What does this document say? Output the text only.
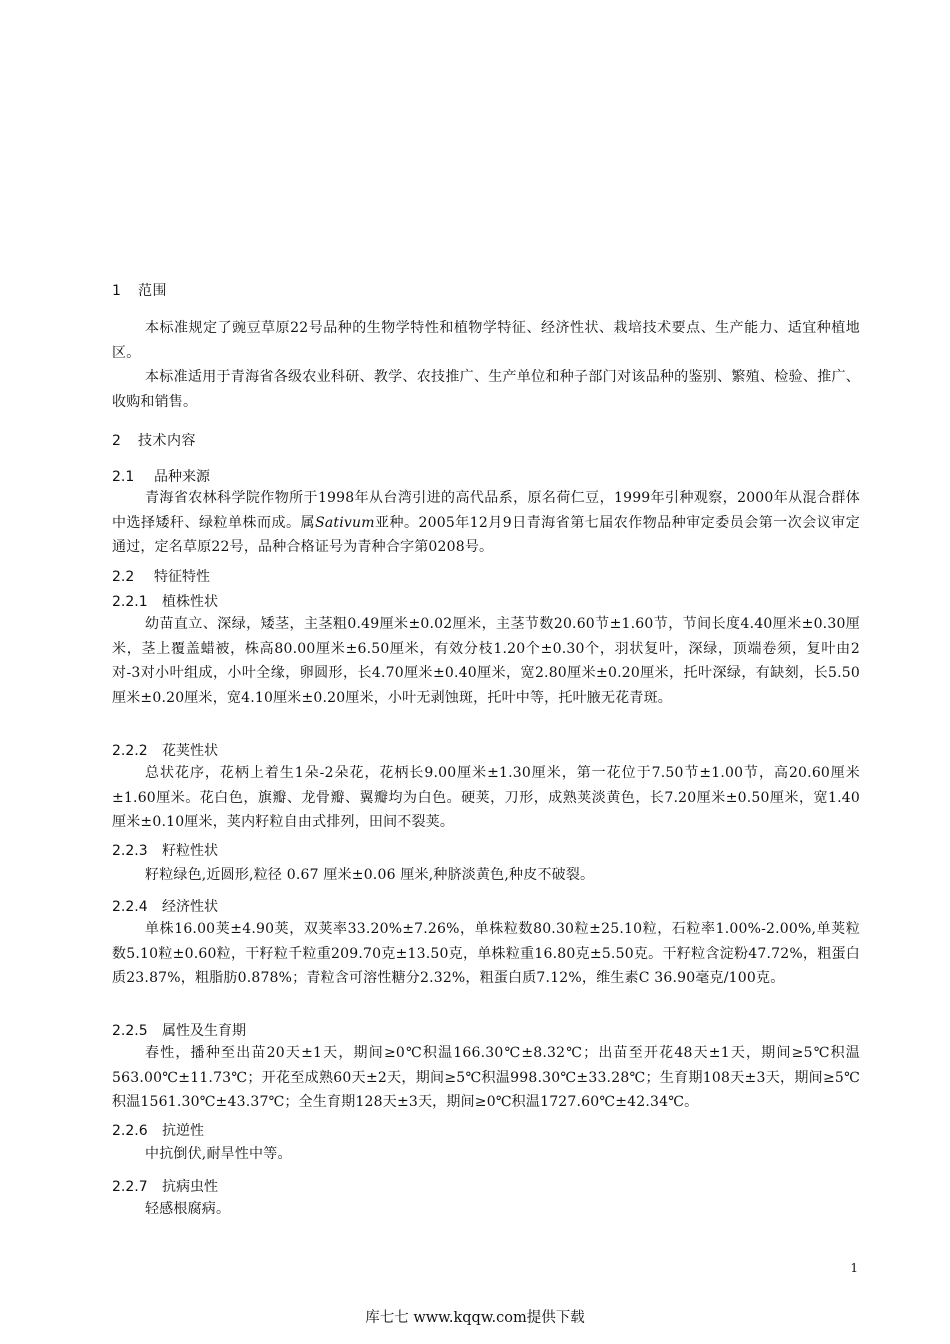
1 范围

本标准规定了豌豆草原22号品种的生物学特性和植物学特征、经济性状、栽培技术要点、生产能力、适宜种植地区。

本标准适用于青海省各级农业科研、教学、农技推广、生产单位和种子部门对该品种的鉴别、繁殖、检验、推广、收购和销售。

2 技术内容
2.1 品种来源

青海省农林科学院作物所于1998年从台湾引进的高代品系，原名荷仁豆，1999年引种观察，2000年从混合群体中选择矮秆、绿粒单株而成。属Sativum亚种。2005年12月9日青海省第七届农作物品种审定委员会第一次会议审定通过，定名草原22号，品种合格证号为青种合字第0208号。

2.2 特征特性
2.2.1 植株性状

幼苗直立、深绿，矮茎，主茎粗0.49厘米±0.02厘米，主茎节数20.60节±1.60节，节间长度4.40厘米±0.30厘米，茎上覆盖蜡被，株高80.00厘米±6.50厘米，有效分枝1.20个±0.30个，羽状复叶，深绿，顶端卷须，复叶由2对-3对小叶组成，小叶全缘，卵圆形，长4.70厘米±0.40厘米，宽2.80厘米±0.20厘米，托叶深绿，有缺刻，长5.50厘米±0.20厘米，宽4.10厘米±0.20厘米，小叶无剥蚀斑，托叶中等，托叶腋无花青斑。

2.2.2 花荚性状

总状花序，花柄上着生1朵-2朵花，花柄长9.00厘米±1.30厘米，第一花位于7.50节±1.00节，高20.60厘米±1.60厘米。花白色，旗瓣、龙骨瓣、翼瓣均为白色。硬荚，刀形，成熟荚淡黄色，长7.20厘米±0.50厘米，宽1.40厘米±0.10厘米，荚内籽粒自由式排列，田间不裂荚。

2.2.3 籽粒性状

籽粒绿色,近圆形,粒径 0.67 厘米±0.06 厘米,种脐淡黄色,种皮不破裂。

2.2.4 经济性状

单株16.00荚±4.90荚，双荚率33.20%±7.26%，单株粒数80.30粒±25.10粒，石粒率1.00%-2.00%,单荚粒数5.10粒±0.60粒，干籽粒千粒重209.70克±13.50克，单株粒重16.80克±5.50克。干籽粒含淀粉47.72%，粗蛋白质23.87%，粗脂肪0.878%；青粒含可溶性糖分2.32%，粗蛋白质7.12%，维生素C 36.90毫克/100克。

2.2.5 属性及生育期

春性，播种至出苗20天±1天，期间≥0℃积温166.30℃±8.32℃；出苗至开花48天±1天，期间≥5℃积温563.00℃±11.73℃；开花至成熟60天±2天，期间≥5℃积温998.30℃±33.28℃；生育期108天±3天，期间≥5℃积温1561.30℃±43.37℃；全生育期128天±3天，期间≥0℃积温1727.60℃±42.34℃。

2.2.6 抗逆性

中抗倒伏,耐旱性中等。

2.2.7 抗病虫性

轻感根腐病。

1
库七七 www.kqqw.com提供下载
